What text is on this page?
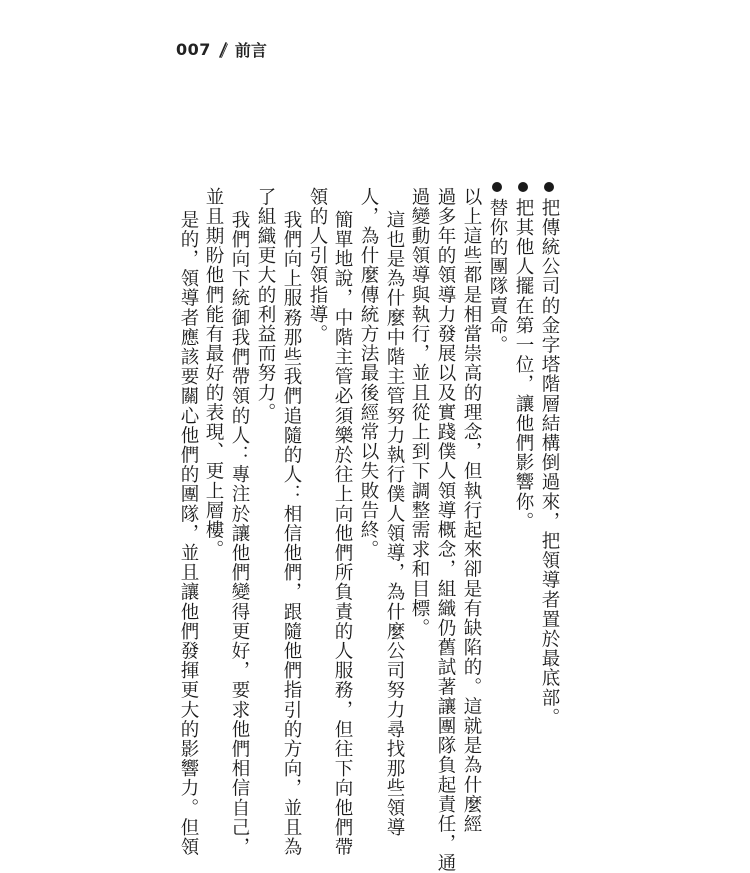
007 前言
把傳統公司的金字塔階層結構倒過來，把領導者置於最底部。
把其他人擺在第一位，讓他們影響你。
替你的團隊賣命。
以上這些都是相當崇高的理念，但執行起來卻是有缺陷的。這就是為什麼經
過多年的領導力發展以及實踐僕人領導概念，組織仍舊試著讓團隊負起責任，通
過變動領導與執行，並且從上到下調整需求和目標。
這也是為什麼中階主管努力執行僕人領導，為什麼公司努力尋找那些領導
人，為什麼傳統方法最後經常以失敗告終。
簡單地說，中階主管必須樂於往上向他們所負責的人服務，但往下向他們帶
領的人引領指導。
我們向上服務那些我們追隨的人：相信他們，跟隨他們指引的方向，並且為
了組織更大的利益而努力。
我們向下統御我們帶領的人：專注於讓他們變得更好，要求他們相信自己，
並且期盼他們能有最好的表現、更上層樓。
是的，領導者應該要關心他們的團隊，並且讓他們發揮更大的影響力。但領
